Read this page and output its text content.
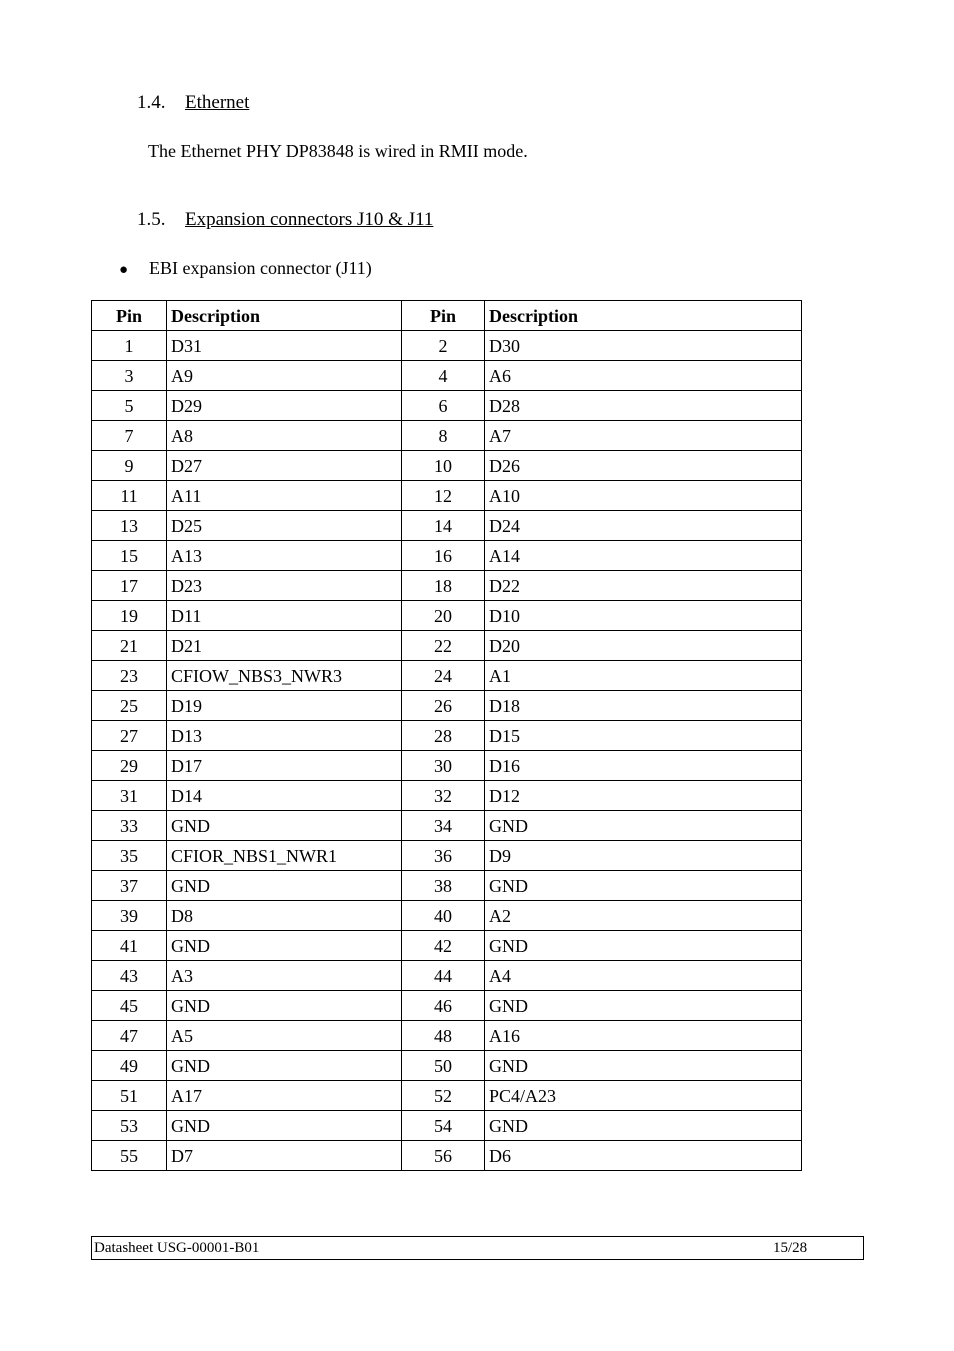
1.4. Ethernet
The Ethernet PHY DP83848 is wired in RMII mode.
1.5. Expansion connectors J10 & J11
● EBI expansion connector (J11)
Pin	Description	Pin	Description
1	D31	2	D30
3	A9	4	A6
5	D29	6	D28
7	A8	8	A7
9	D27	10	D26
11	A11	12	A10
13	D25	14	D24
15	A13	16	A14
17	D23	18	D22
19	D11	20	D10
21	D21	22	D20
23	CFIOW_NBS3_NWR3	24	A1
25	D19	26	D18
27	D13	28	D15
29	D17	30	D16
31	D14	32	D12
33	GND	34	GND
35	CFIOR_NBS1_NWR1	36	D9
37	GND	38	GND
39	D8	40	A2
41	GND	42	GND
43	A3	44	A4
45	GND	46	GND
47	A5	48	A16
49	GND	50	GND
51	A17	52	PC4/A23
53	GND	54	GND
55	D7	56	D6
Datasheet USG-00001-B01	15/28
